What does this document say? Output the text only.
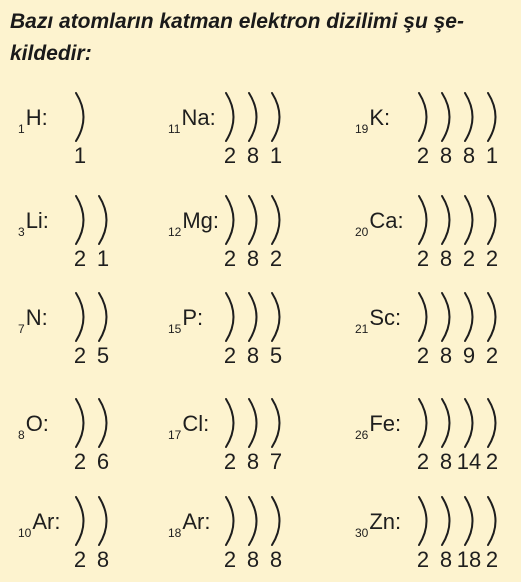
Bazı atomların katman elektron dizilimi şu şe-
kildedir:
$_1$H:
1
$_{11}$Na:
2 8 1
$_{19}$K:
2 8 8 1
$_3$Li:
2 1
$_{12}$Mg:
2 8 2
$_{20}$Ca:
2 8 2 2
$_7$N:
2 5
$_{15}$P:
2 8 5
$_{21}$Sc:
2 8 9 2
$_8$O:
2 6
$_{17}$Cl:
2 8 7
$_{26}$Fe:
2 8 14 2
$_{10}$Ar:
2 8
$_{18}$Ar:
2 8 8
$_{30}$Zn:
2 8 18 2
